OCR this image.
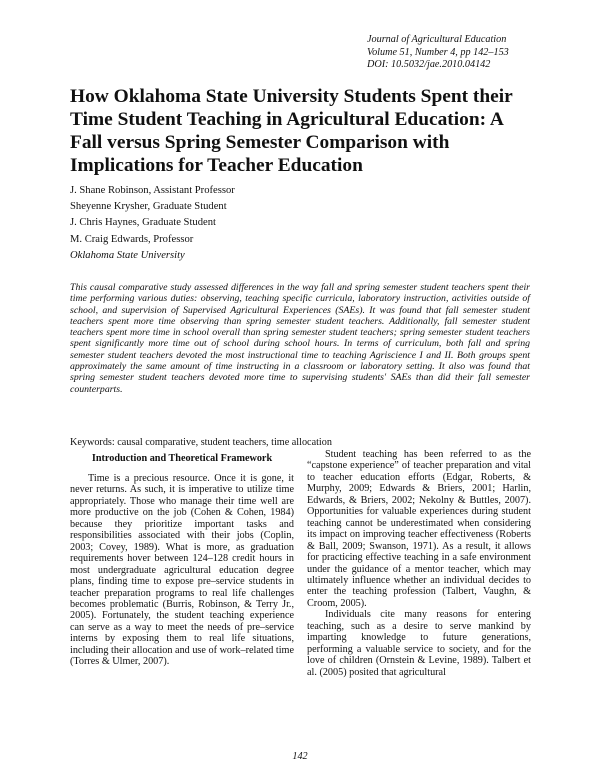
Journal of Agricultural Education
Volume 51, Number 4, pp 142–153
DOI: 10.5032/jae.2010.04142
How Oklahoma State University Students Spent their Time Student Teaching in Agricultural Education: A Fall versus Spring Semester Comparison with Implications for Teacher Education
J. Shane Robinson, Assistant Professor
Sheyenne Krysher, Graduate Student
J. Chris Haynes, Graduate Student
M. Craig Edwards, Professor
Oklahoma State University

This causal comparative study assessed differences in the way fall and spring semester student teachers spent their time performing various duties: observing, teaching specific curricula, laboratory instruction, activities outside of school, and supervision of Supervised Agricultural Experiences (SAEs). It was found that fall semester student teachers spent more time observing than spring semester student teachers. Additionally, fall semester student teachers spent more time in school overall than spring semester student teachers; spring semester student teachers spent significantly more time out of school during school hours. In terms of curriculum, both fall and spring semester student teachers devoted the most instructional time to teaching Agriscience I and II. Both groups spent approximately the same amount of time instructing in a classroom or laboratory setting. It also was found that spring semester student teachers devoted more time to supervising students' SAEs than did their fall semester counterparts.

Keywords: causal comparative, student teachers, time allocation

Introduction and Theoretical Framework

Time is a precious resource. Once it is gone, it never returns. As such, it is imperative to utilize time appropriately. Those who manage their time well are more productive on the job (Cohen & Cohen, 1984) because they prioritize important tasks and responsibilities associated with their jobs (Coplin, 2003; Covey, 1989). What is more, as graduation requirements hover between 124–128 credit hours in most undergraduate agricultural education degree plans, finding time to expose pre–service students in teacher preparation programs to real life challenges becomes problematic (Burris, Robinson, & Terry Jr., 2005). Fortunately, the student teaching experience can serve as a way to meet the needs of pre–service interns by exposing them to real life situations, including their allocation and use of work–related time (Torres & Ulmer, 2007).

Student teaching has been referred to as the “capstone experience” of teacher preparation and vital to teacher education efforts (Edgar, Roberts, & Murphy, 2009; Edwards & Briers, 2001; Harlin, Edwards, & Briers, 2002; Nekolny & Buttles, 2007). Opportunities for valuable experiences during student teaching cannot be underestimated when considering its impact on improving teacher effectiveness (Roberts & Ball, 2009; Swanson, 1971). As a result, it allows for practicing effective teaching in a safe environment under the guidance of a mentor teacher, which may ultimately influence whether an individual decides to enter the teaching profession (Talbert, Vaughn, & Croom, 2005).

Individuals cite many reasons for entering teaching, such as a desire to serve mankind by imparting knowledge to future generations, performing a valuable service to society, and for the love of children (Ornstein & Levine, 1989). Talbert et al. (2005) posited that agricultural

142
